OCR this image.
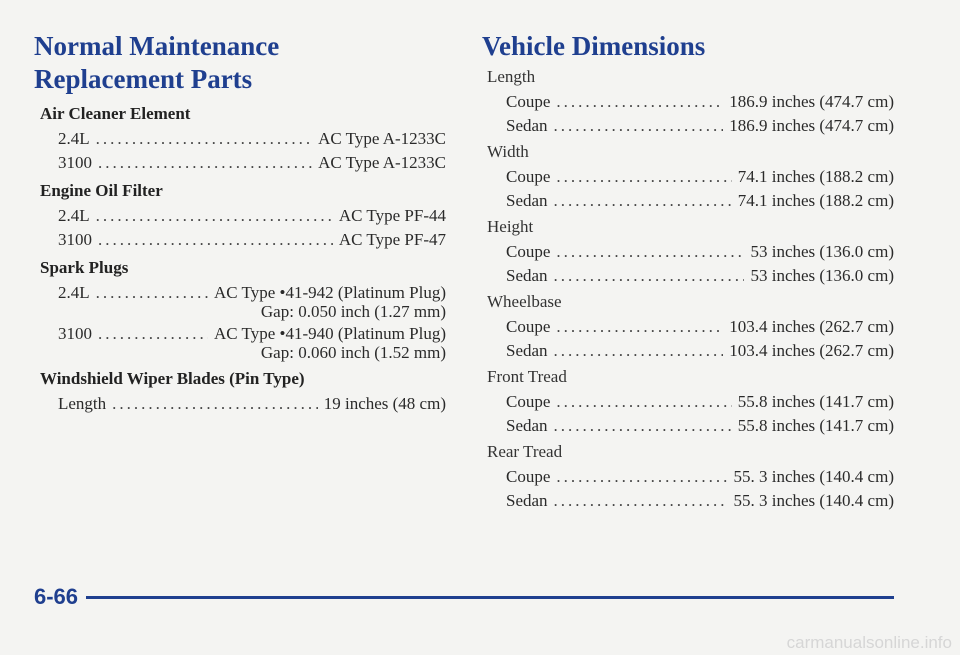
Normal Maintenance
Replacement Parts
Air Cleaner Element
2.4L .....	AC Type A-1233C
3100 .....	AC Type A-1233C
Engine Oil Filter
2.4L .....	AC Type PF-44
3100 .....	AC Type PF-47
Spark Plugs
2.4L .....	AC Type •41-942 (Platinum Plug)
Gap: 0.050 inch (1.27 mm)
3100 .....	AC Type •41-940 (Platinum Plug)
Gap: 0.060 inch (1.52 mm)
Windshield Wiper Blades (Pin Type)
Length .....	19 inches (48 cm)
Vehicle Dimensions
Length
Coupe .....	186.9 inches (474.7 cm)
Sedan .....	186.9 inches (474.7 cm)
Width
Coupe .....	74.1 inches (188.2 cm)
Sedan .....	74.1 inches (188.2 cm)
Height
Coupe .....	53 inches (136.0 cm)
Sedan .....	53 inches (136.0 cm)
Wheelbase
Coupe .....	103.4 inches (262.7 cm)
Sedan .....	103.4 inches (262.7 cm)
Front Tread
Coupe .....	55.8 inches (141.7 cm)
Sedan .....	55.8 inches (141.7 cm)
Rear Tread
Coupe .....	55. 3 inches (140.4 cm)
Sedan .....	55. 3 inches (140.4 cm)
6-66
carmanualsonline.info
